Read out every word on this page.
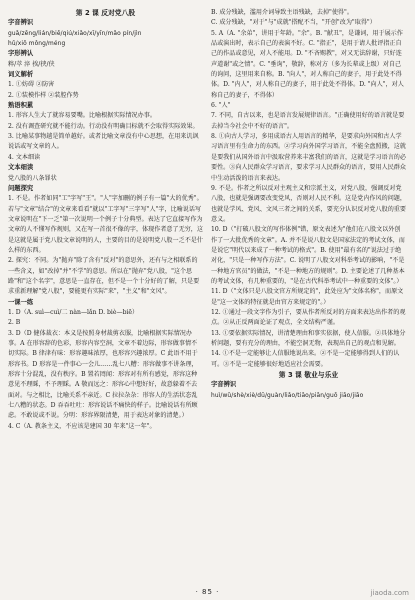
第 2 课 反对党八股

字音辨识

guǎ/zēng/lián/biē/qiú/xiǎo/xī/yīn/mǎo pín/jìn

hǔ/xiō mǒng/méng

字形辨认

粹/萃 淬 挨/挟/侠

词义解析

1. ①妨碍 ②防害

2. ①装模作样 ②装腔作势

熟语积累

1. 形容人生大了就容易要嘴。比喻根据实际情况办事。

2. 没有调查研究就不能行动。行动没有明确目标就不会取得实际效果。

3. 比喻某事物越是简单越好。或者比喻文章没有中心思想，在用来讥讽说话或写文章的人。

4. 文本细读

文本细读

党八股的八条罪状

问题探究

1. 不是。作者如同"工"字写"王"。"人"字加删的例子有一篇"大的优秀"。若与"文章"结合"的文章来看看"就以"工字写"三字写"人"字，比喻说话写文章说明在"下一乏"第一次说明一个例子十分典型。表达了它直接写作为文章的人不懂写作规则，又在写一首很不像的字，体现作者意了无穷，这是这就是属于党八股文章说明的人，主要的目的是说明党八股一乏不是什么样的东西。

2. 探究：不同。为"抛弃"除了含有"反对"的意思外，还有与之相联系的一些含义，如"改掉"并"不学"的意思。所以在"抛弃"党八股，"这个思路"和"这个名字"，意思是一直存在，但不是一个十分好的了解，只是要求重新理解"党八股"，要能更有实际"来"，"主义"和"文风"。

一课一练

1. D（A. suì—cuì/二 nàn—lǎn D. biè—biē）

2. B

3. D（D 健体裁衣：本义是按照身材裁剪衣服，比喻根据实际情况办事。A 在形容辞的色彩，形容内容空洞，文章不着边际，形容做事情不切实际。B 律津有味：形容趣味浓厚，也形容兴趣浓厚。C 此语不用于形容书。D 形容是一件事心一会儿……乱七八糟：形容做事不讲条理，形容十分混乱，没有秩序。B 置若罔闻：形容对有所有感觉，形容这种意见不理睬，不予理睬。A 敬而远之：形容心中想好好，故意躲着不去面对。与之相比，比喻关系不亲近。C 拉拉杂杂：形容人的生活状态乱七八糟的状态。D 吞吞吐吐：形容说话不痛快的样子。比喻说话有所顾虑。不敢说或不说。分明：形容界限清楚，用于表达对象的清楚。）

4. C（A. 教条主义，不应该是建国 30 年来"这一年"。

B. 成分残缺，滥用介词导致主语残缺，去掉"使得"。

C. 成分残缺，"对于"与"成就"搭配不当，"开创"改为"取得"）

5. A（A. "余弟"，讲用于年龄。"余"。B. "献丑"，是谦词，用于展示作品或演出时，表示自己的表演不好。C. "指正"，是用于请人批评指正自己的作品或意见，对人不能用。D. "不吝赐教"，对又无法辞谢，只好连声道谢"或之情"。C. "垂询"，敬辞，称对方（多为长辈或上级）对自己的询问，这里用来自称。B. "向人"，对人称自己的妻子，用于此处不得体。D. "内人"，对人称自己的妻子，用于此处不得体。D. "向人"，对人称自己的妻子，不得体）

6. "人"

7. 不同，自古以来，也是语言发展规律语言。"正确使用好的语言就是要去掉当今社会中不好的语言"。

8. ①向古人学习，多用成语古人用语言的精华，是要求向外国和古人学习语言里有生命力的东西。②学习向外国学习语言，不能全盘照搬，这就是要我们从国外语言中汲取营养来丰富我们的语言，这就是学习语言的必要性。③向人民群众学习语言，要求学习人民群众的语言，要用人民群众中生动活泼的语言来表达。

9. 不是。作者之所以反对主观主义和宗派主义，对党八股，强调反对党八股，也就是强调要改变党风，否则对人民不利。这是党内作风的问题，也就是学风、党风、文风三者之间的关系，要充分认识反对党八股的重要意义。

10. D（"打破八股文的写作体例"错，原文表述为"他们在八股文以外创作了一大批优秀的文章"。A. 并不是说八股文是国家法定的考试文体，而是说它"明代以来成了一种考试的格式"。B. 使用"最有名的"说法过于绝对化，"只是一种写作方法"。C. 说明了八股文对科举考试的影响，"不是一种地方官员"的做法，"不是一种地方的规则"。D. 主要论述了几种基本的考试文体，有几种重要的，"是在古代科举考试中一种重要的文体"。）

11. D（"文体只是八股文官方所规定的"，此处应为"文体名称"，而原文是"这一文体的特征就是由官方来规定的"。）

12. ①通过一段文字作为引子，要从作者所反对的方面来表达出作者的观点。②从正反两面论证了观点，全文结构严谨。

13. ①要依据实际情况，讲清楚理由和事实依据，使人信服。②具体地分析问题，要有充分的理由，不能空洞无物，表现出自己的观点和见解。

14. ①不是一定能够让人信服地说出来。②不是一定能够得到人们的认可。③不是一定能够很好地适应社会需要。

第 3 课 敬业与乐业

字音辨识

huì/wǔ/shè/xiè/dū/guàn/liǎo/tiāo/piān/guō jiāo/jiāo

· 85 ·	jiaoda.com
